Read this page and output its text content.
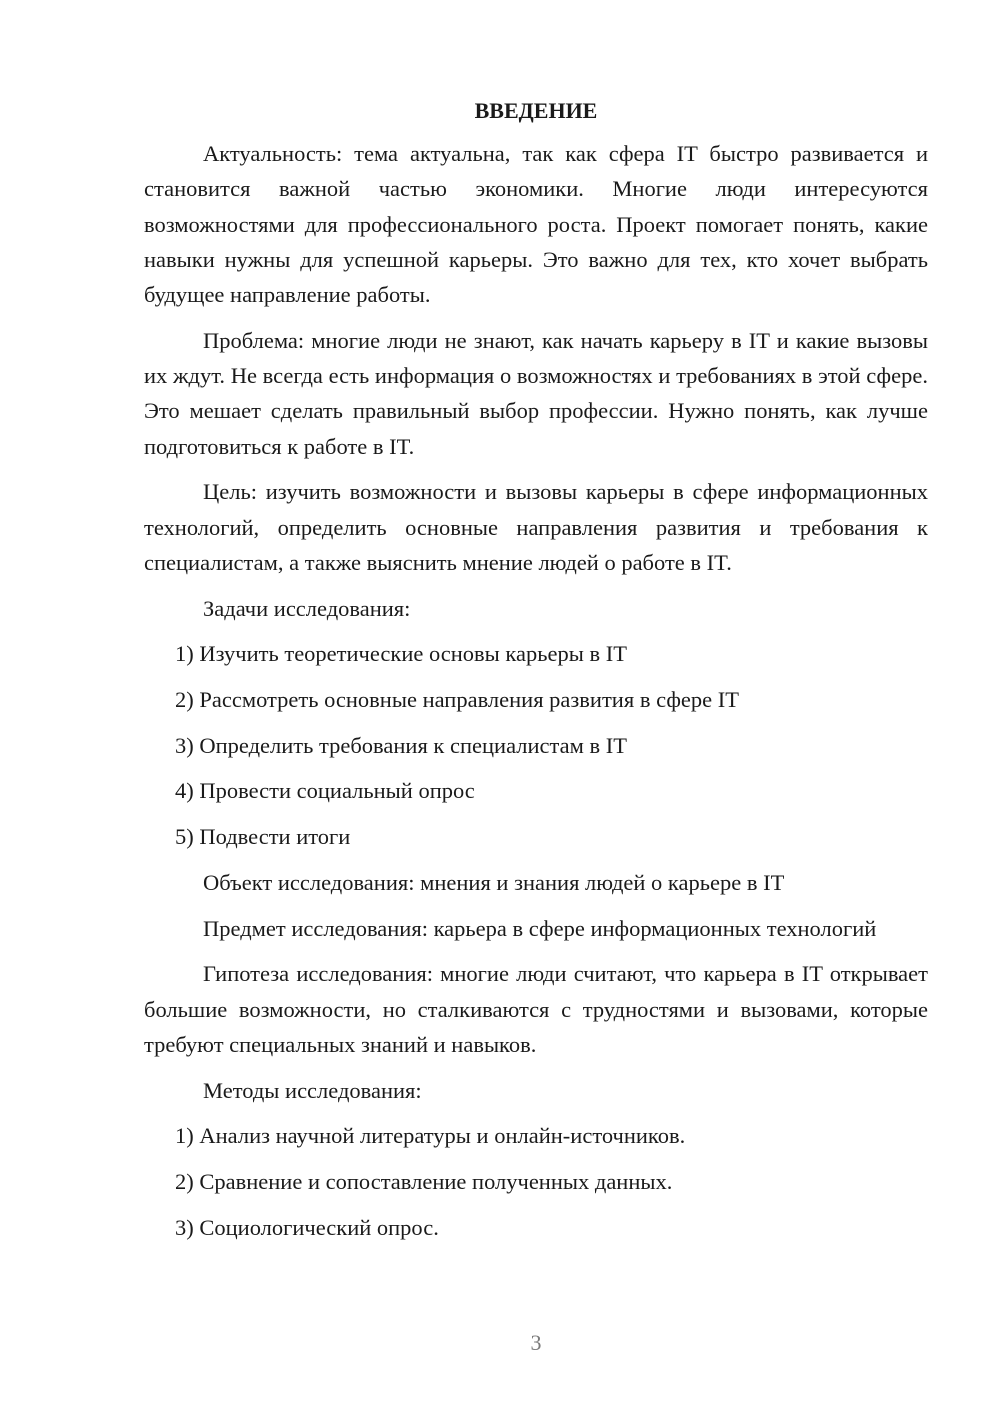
ВВЕДЕНИЕ

Актуальность: тема актуальна, так как сфера IT быстро развивается и становится важной частью экономики. Многие люди интересуются возможностями для профессионального роста. Проект помогает понять, какие навыки нужны для успешной карьеры. Это важно для тех, кто хочет выбрать будущее направление работы.

Проблема: многие люди не знают, как начать карьеру в IT и какие вызовы их ждут. Не всегда есть информация о возможностях и требованиях в этой сфере. Это мешает сделать правильный выбор профессии. Нужно понять, как лучше подготовиться к работе в IT.

Цель: изучить возможности и вызовы карьеры в сфере информационных технологий, определить основные направления развития и требования к специалистам, а также выяснить мнение людей о работе в IT.

Задачи исследования:

1) Изучить теоретические основы карьеры в IT
2) Рассмотреть основные направления развития в сфере IT
3) Определить требования к специалистам в IT
4) Провести социальный опрос
5) Подвести итоги

Объект исследования: мнения и знания людей о карьере в IT

Предмет исследования: карьера в сфере информационных технологий

Гипотеза исследования: многие люди считают, что карьера в IT открывает большие возможности, но сталкиваются с трудностями и вызовами, которые требуют специальных знаний и навыков.

Методы исследования:

1) Анализ научной литературы и онлайн-источников.
2) Сравнение и сопоставление полученных данных.
3) Социологический опрос.
3
